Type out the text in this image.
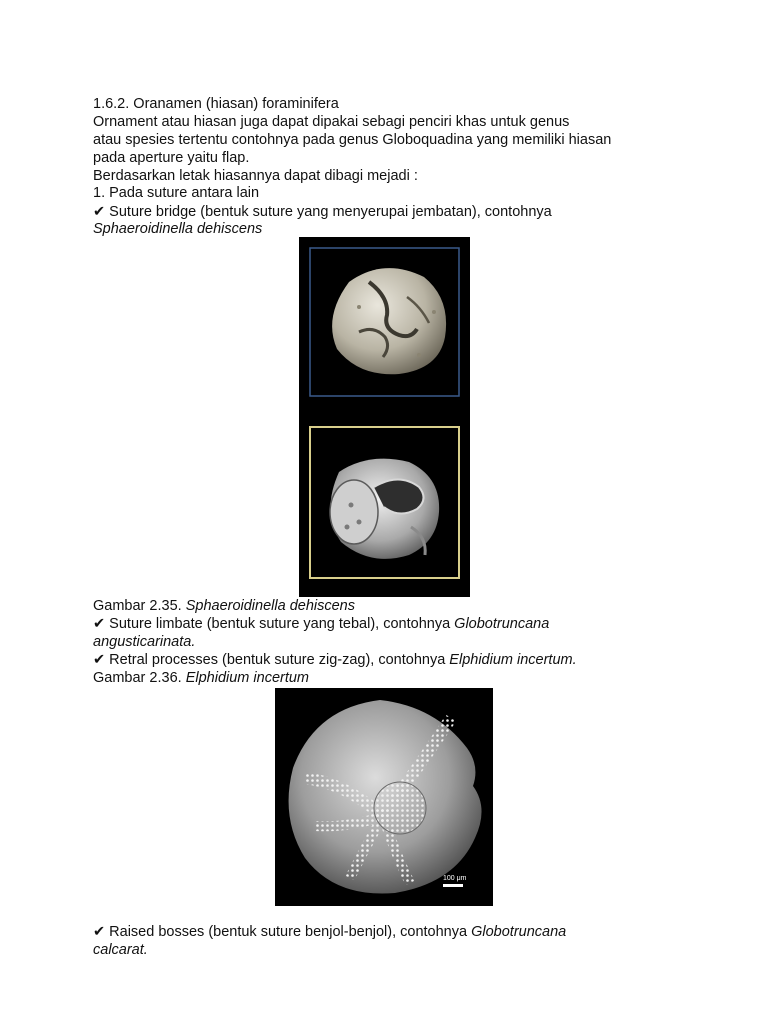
1.6.2. Oranamen (hiasan) foraminifera
Ornament atau hiasan juga dapat dipakai sebagi penciri khas untuk genus
atau spesies tertentu contohnya pada genus Globoquadina yang memiliki hiasan
pada aperture yaitu flap.
Berdasarkan letak hiasannya dapat dibagi mejadi :
1. Pada suture antara lain
✔ Suture bridge (bentuk suture yang menyerupai jembatan), contohnya
Sphaeroidinella dehiscens
Gambar 2.35. Sphaeroidinella dehiscens
✔ Suture limbate (bentuk suture yang tebal), contohnya Globotruncana
angusticarinata.
✔ Retral processes (bentuk suture zig-zag), contohnya Elphidium incertum.
Gambar 2.36. Elphidium incertum
100 μm
✔ Raised bosses (bentuk suture benjol-benjol), contohnya Globotruncana
calcarat.
